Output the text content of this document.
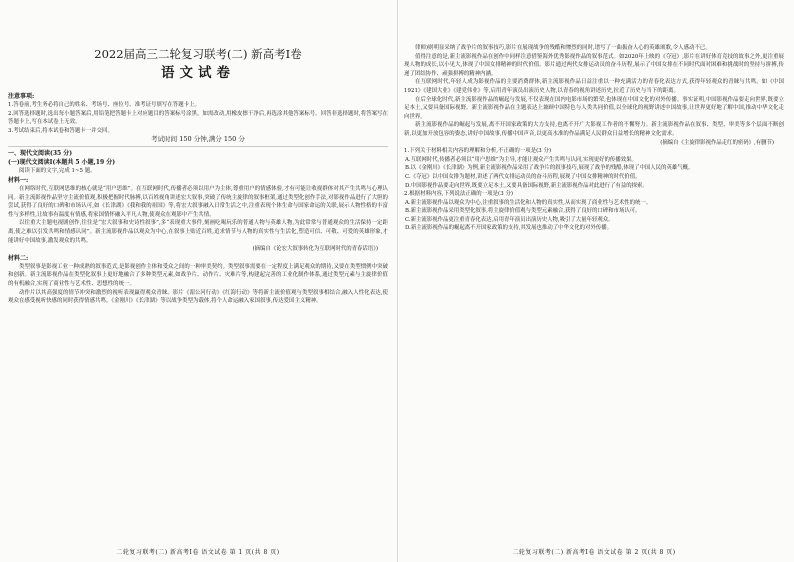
2022届高三二轮复习联考(二) 新高考Ⅰ卷

语文试卷

注意事项:

1.答卷前,考生务必将自己的姓名、考场号、座位号、准考证号填写在答题卡上。

2.回答选择题时,选出每小题答案后,用铅笔把答题卡上对应题目的答案标号涂黑。如需改动,用橡皮擦干净后,再选涂其他答案标号。回答非选择题时,将答案写在答题卡上,写在本试卷上无效。

3.考试结束后,将本试卷和答题卡一并交回。

考试时间 150 分钟,满分 150 分

一、现代文阅读(35 分)

(一)现代文阅读Ⅰ(本题共 5 小题,19 分)

阅读下面的文字,完成 1~5 题。

材料一:

在网络时代,互联网思维的核心就是“用户思维”。在互联网时代,传播者必须以用户为主体,尊重用户的情感体验,才有可能让收视群体对其产生共鸣与心理认同。新主流影视作品坚守主流价值观,积极把握时代脉搏,以百姓视角讲述宏大叙事,突破了传统主旋律的叙事框架,通过类型化创作手法,对影视作品进行了大胆的尝试,获得了良好的口碑和市场认可,如《长津湖》《我和我的祖国》等,将宏大叙事融入日常生活之中,注重表现个体生命与国家命运的关联,展示人物性格的丰富性与多样性,让故事有温度有情感,将家国情怀融入平凡人物,使观众在观影中产生共情。

以往重大主题电视剧创作,往往是“宏大叙事和史诗性叙事”,多“表现重大事件,刻画吃喝玩乐的普通人物与英雄人物,为此常常与普通观众的生活保持一定距离,使之难以引发共鸣和情感认同”。新主流影视作品以观众为中心,在叙事上贴近百姓,追求情节与人物的真实性与生活化,塑造可信、可敬、可爱的英雄形象,才能讲好中国故事,激发观众的共鸣。

(摘编自《论宏大叙事转化为互联网时代的青春话语》)

材料二:

类型叙事是影视工业一种成熟的叙事范式,是影视创作主体和受众之间的一种审美契约。类型叙事需要在一定程度上满足观众的期待,又要在类型惯例中突破和创新。新主流影视作品在类型化叙事上更好地融合了多种类型元素,如战争片、动作片、灾难片等,构建起完善的工业化制作体系,通过类型元素与主旋律价值的有机融合,实现了商业性与艺术性、思想性的统一。

动作片以其高强度的情节冲突和激烈的视听表现赢得观众青睐。影片《湄公河行动》《红海行动》等将新主流价值观与类型叙事相结合,融入人性化表达,使观众在感受视听快感的同时获得情感共鸣。《金刚川》《长津湖》等以战争类型为载体,将个人命运融入家国叙事,传达爱国主义精神。

二轮复习联考(二) 新高考Ⅰ卷 语文试卷 第 1 页(共 8 页)

律师)则明显采纳了战争片的叙事技巧,影片在展现战争的残酷和惨烈的同时,谱写了一曲振奋人心的英雄颂歌,令人感动不已。

值得注意的是,新主流影视作品在创作中同样注意借鉴海外优秀影视作品的叙事范式。如2020年上映的《夺冠》,影片在讲好体育竞技的故事之外,更注重展现人物的成长,以小见大,体现了中国女排精神的时代价值。影片通过两代女排运动员的奋斗历程,展示了中国女排在不同时代面对困难和挑战时的坚持与拼搏,传递了团结协作、顽强拼搏的精神内涵。

在互联网时代,年轻人成为影视作品的主要消费群体,新主流影视作品日益注重以一种充满活力的青春化表达方式,获得年轻观众的青睐与共鸣。如《中国1921》《建国大业》《建党伟业》等,启用青年演员出演历史人物,以青春的视角讲述历史,拉近了历史与当下的距离。

在后全球化时代,新主流影视作品的崛起与发展,不仅表现在国内电影市场的繁荣,也体现在中国文化的对外传播。事实证明,中国影视作品要走向世界,既要立足本土,又要具备国际视野。新主流影视作品在主题表达上兼顾中国特色与人类共同价值,以全球化的视野讲述中国故事,让世界更好地了解中国,推动中华文化走向世界。

新主流影视作品的崛起与发展,离不开国家政策的大力支持,也离不开广大影视工作者的不懈努力。新主流影视作品在叙事、类型、审美等多个层面不断创新,以更加开放包容的姿态,讲好中国故事,传播中国声音,以更高水准的作品满足人民群众日益增长的精神文化需求。

(摘编自《主旋律影视作品走红的密码》,有删节)

1.下列关于材料相关内容的理解和分析,不正确的一项是(3 分)

A.互联网时代,传播者必须以“用户思维”为主导,才能让观众产生共鸣与认同,实现更好的传播效果。

B.以《金刚川》《长津湖》为例,新主流影视作品采用了战争片的叙事技巧,展现了战争的残酷,体现了中国人民的英雄气概。

C.《夺冠》以中国女排为题材,讲述了两代女排运动员的奋斗历程,展现了中国女排精神的时代价值。

D.中国影视作品要走向世界,既要立足本土,又要具备国际视野,新主流影视作品对此进行了有益的探索。

2.根据材料内容,下列说法正确的一项是(3 分)

A.新主流影视作品以观众为中心,注重叙事的生活化和人物的真实性,从而实现了商业性与艺术性的统一。

B.新主流影视作品采用类型化叙事,将主旋律价值观与类型元素融合,获得了良好的口碑和市场认可。

C.新主流影视作品更注重青春化表达,启用青年演员出演历史人物,吸引了大量年轻观众。

D.新主流影视作品的崛起离不开国家政策的支持,其发展也推动了中华文化的对外传播。

二轮复习联考(二) 新高考Ⅰ卷 语文试卷 第 2 页(共 8 页)
